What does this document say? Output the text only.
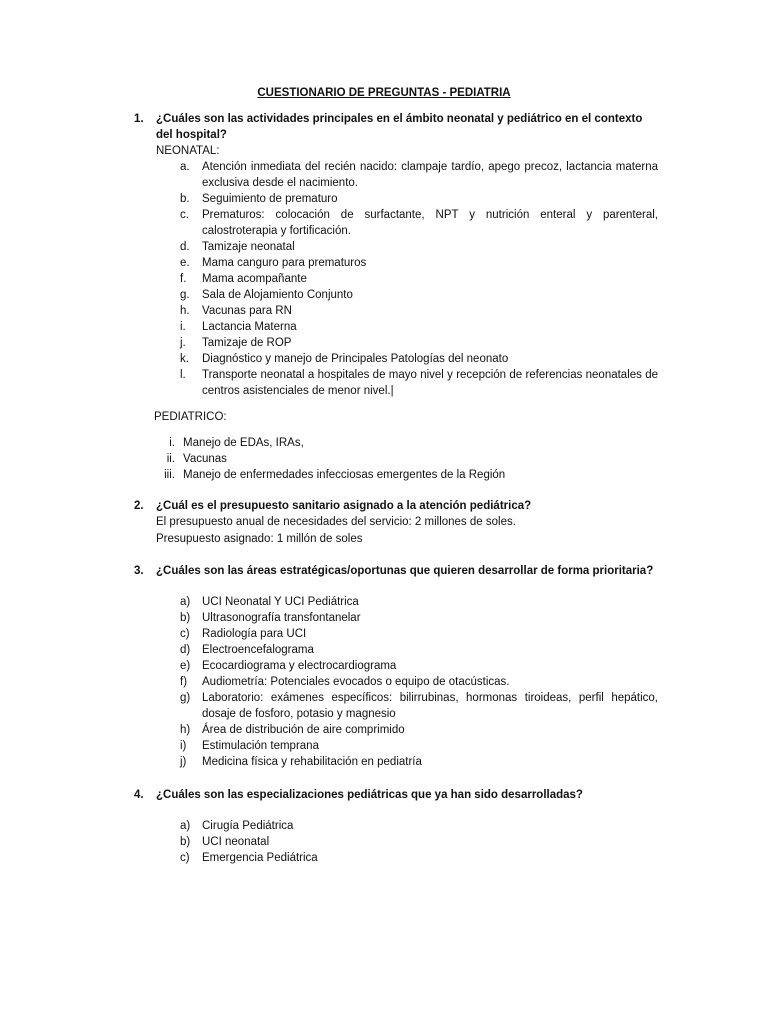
CUESTIONARIO DE PREGUNTAS - PEDIATRIA
1. ¿Cuáles son las actividades principales en el ámbito neonatal y pediátrico en el contexto del hospital?
NEONATAL:
a. Atención inmediata del recién nacido: clampaje tardío, apego precoz, lactancia materna exclusiva desde el nacimiento.
b. Seguimiento de prematuro
c. Prematuros: colocación de surfactante, NPT y nutrición enteral y parenteral, calostroterapia y fortificación.
d. Tamizaje neonatal
e. Mama canguro para prematuros
f. Mama acompañante
g. Sala de Alojamiento Conjunto
h. Vacunas para RN
i. Lactancia Materna
j. Tamizaje de ROP
k. Diagnóstico y manejo de Principales Patologías del neonato
l. Transporte neonatal a hospitales de mayo nivel y recepción de referencias neonatales de centros asistenciales de menor nivel.|
PEDIATRICO:
i. Manejo de EDAs, IRAs,
ii. Vacunas
iii. Manejo de enfermedades infecciosas emergentes de la Región
2. ¿Cuál es el presupuesto sanitario asignado a la atención pediátrica?
El presupuesto anual de necesidades del servicio: 2 millones de soles.
Presupuesto asignado: 1 millón de soles
3. ¿Cuáles son las áreas estratégicas/oportunas que quieren desarrollar de forma prioritaria?
a) UCI Neonatal Y UCI Pediátrica
b) Ultrasonografía transfontanelar
c) Radiología para UCI
d) Electroencefalograma
e) Ecocardiograma y electrocardiograma
f) Audiometría: Potenciales evocados o equipo de otacústicas.
g) Laboratorio: exámenes específicos: bilirrubinas, hormonas tiroideas, perfil hepático, dosaje de fosforo, potasio y magnesio
h) Área de distribución de aire comprimido
i) Estimulación temprana
j) Medicina física y rehabilitación en pediatría
4. ¿Cuáles son las especializaciones pediátricas que ya han sido desarrolladas?
a) Cirugía Pediátrica
b) UCI neonatal
c) Emergencia Pediátrica
